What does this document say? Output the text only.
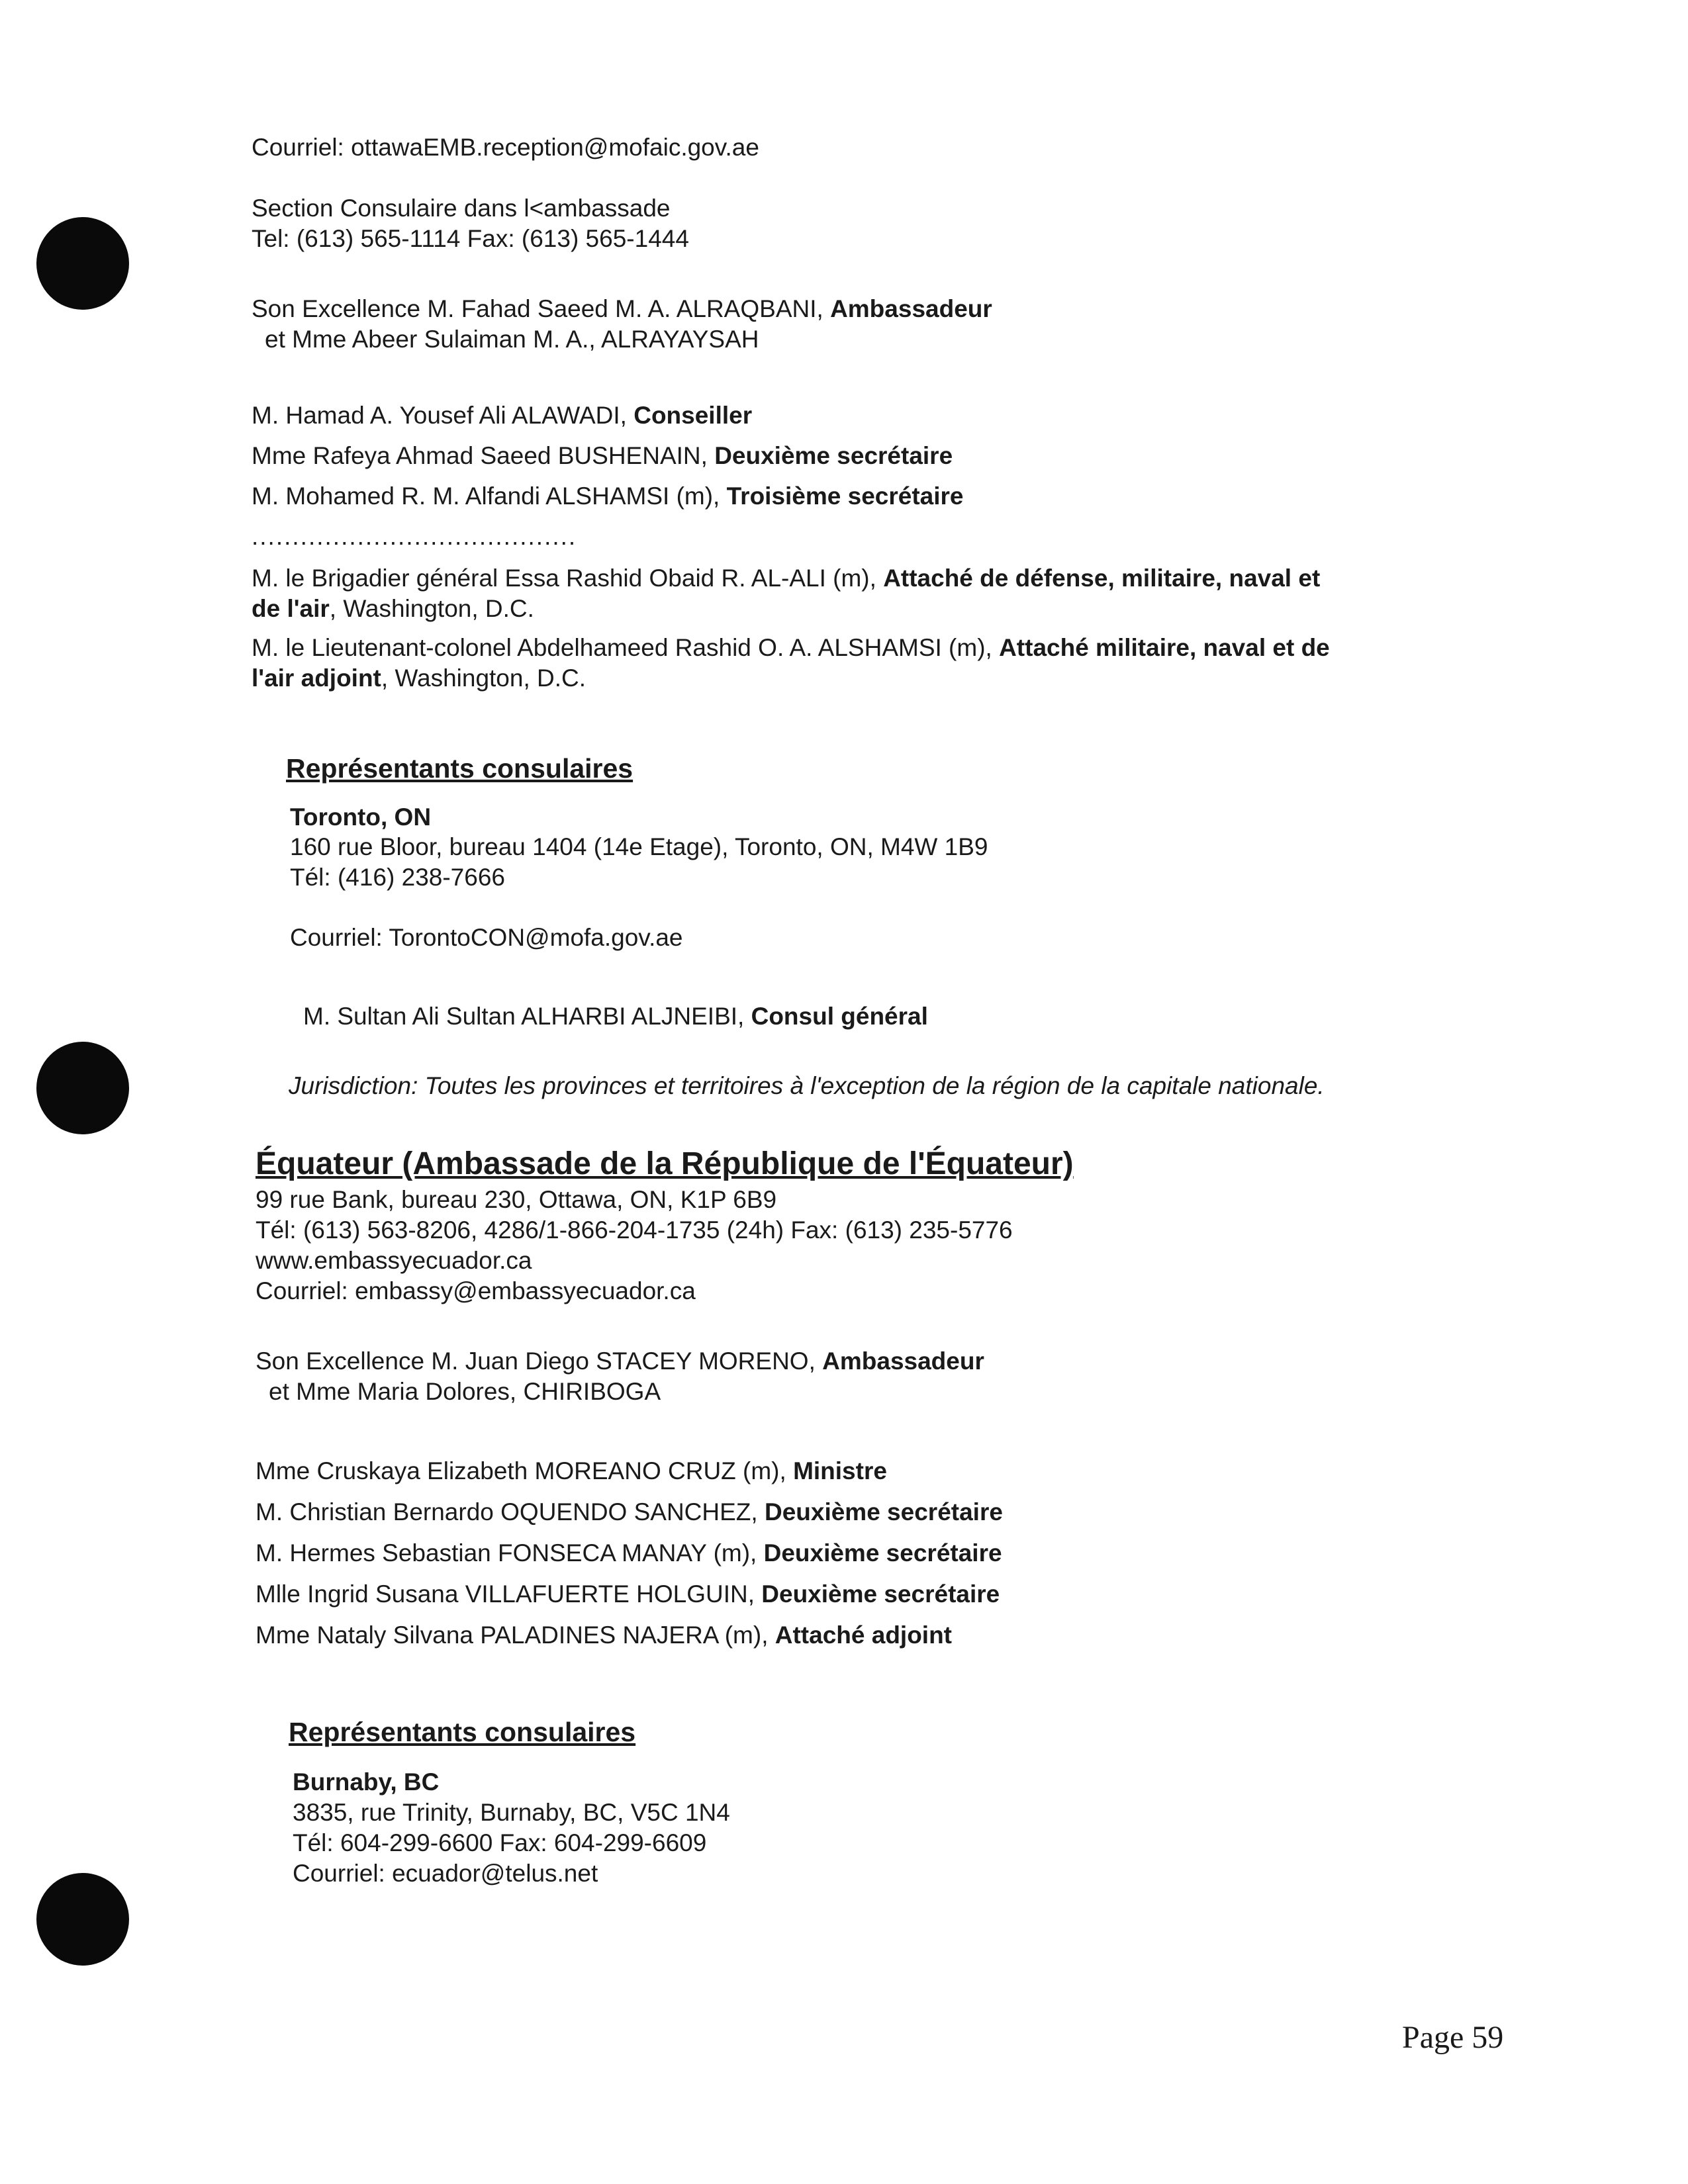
Courriel: ottawaEMB.reception@mofaic.gov.ae

Section Consulaire dans l<ambassade

Tel: (613) 565-1114 Fax: (613) 565-1444

Son Excellence M. Fahad Saeed M. A. ALRAQBANI, Ambassadeur

et Mme Abeer Sulaiman M. A., ALRAYAYSAH

M. Hamad A. Yousef Ali ALAWADI, Conseiller

Mme Rafeya Ahmad Saeed BUSHENAIN, Deuxième secrétaire

M. Mohamed R. M. Alfandi ALSHAMSI (m), Troisième secrétaire

........................................

M. le Brigadier général Essa Rashid Obaid R. AL-ALI (m), Attaché de défense, militaire, naval et

de l'air, Washington, D.C.

M. le Lieutenant-colonel Abdelhameed Rashid O. A. ALSHAMSI (m), Attaché militaire, naval et de

l'air adjoint, Washington, D.C.

Représentants consulaires

Toronto, ON

160 rue Bloor, bureau 1404 (14e Etage), Toronto, ON, M4W 1B9

Tél: (416) 238-7666

Courriel: TorontoCON@mofa.gov.ae

M. Sultan Ali Sultan ALHARBI ALJNEIBI, Consul général

Jurisdiction: Toutes les provinces et territoires à l'exception de la région de la capitale nationale.

Équateur (Ambassade de la République de l'Équateur)

99 rue Bank, bureau 230, Ottawa, ON, K1P 6B9

Tél: (613) 563-8206, 4286/1-866-204-1735 (24h) Fax: (613) 235-5776

www.embassyecuador.ca

Courriel: embassy@embassyecuador.ca

Son Excellence M. Juan Diego STACEY MORENO, Ambassadeur

et Mme Maria Dolores, CHIRIBOGA

Mme Cruskaya Elizabeth MOREANO CRUZ (m), Ministre

M. Christian Bernardo OQUENDO SANCHEZ, Deuxième secrétaire

M. Hermes Sebastian FONSECA MANAY (m), Deuxième secrétaire

Mlle Ingrid Susana VILLAFUERTE HOLGUIN, Deuxième secrétaire

Mme Nataly Silvana PALADINES NAJERA (m), Attaché adjoint

Représentants consulaires

Burnaby, BC

3835, rue Trinity, Burnaby, BC, V5C 1N4

Tél: 604-299-6600 Fax: 604-299-6609

Courriel: ecuador@telus.net

Page 59
